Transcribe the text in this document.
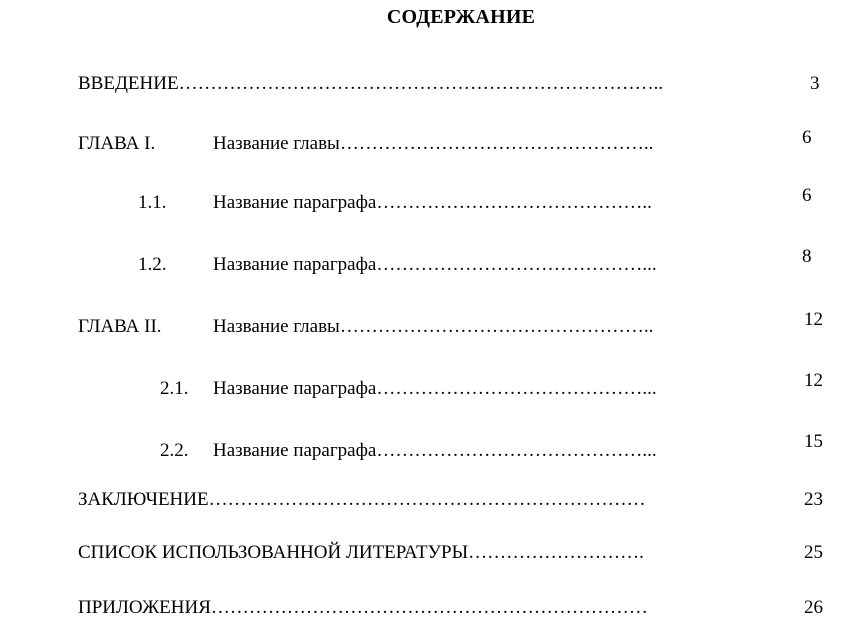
СОДЕРЖАНИЕ
ВВЕДЕНИЕ…………………………………………………………………..	3
ГЛАВА I.	Название главы…………………………………………..	6
1.1. Название параграфа……………………………………..	6
1.2. Название параграфа……………………………………...	8
ГЛАВА II.	Название главы…………………………………………..	12
2.1. Название параграфа……………………………………...	12
2.2. Название параграфа……………………………………...	15
ЗАКЛЮЧЕНИЕ……………………………………………………………	23
СПИСОК ИСПОЛЬЗОВАННОЙ ЛИТЕРАТУРЫ……………………….	25
ПРИЛОЖЕНИЯ……………………………………………………………	26
